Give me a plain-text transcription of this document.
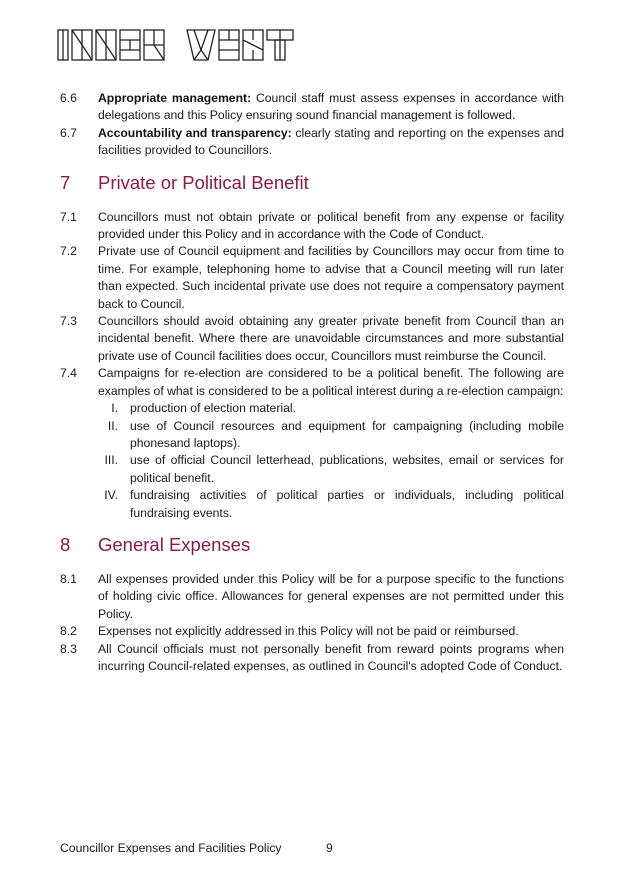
6.6	Appropriate management: Council staff must assess expenses in accordance with delegations and this Policy ensuring sound financial management is followed.
6.7	Accountability and transparency: clearly stating and reporting on the expenses and facilities provided to Councillors.
7	Private or Political Benefit
7.1	Councillors must not obtain private or political benefit from any expense or facility provided under this Policy and in accordance with the Code of Conduct.
7.2	Private use of Council equipment and facilities by Councillors may occur from time to time. For example, telephoning home to advise that a Council meeting will run later than expected. Such incidental private use does not require a compensatory payment back to Council.
7.3	Councillors should avoid obtaining any greater private benefit from Council than an incidental benefit. Where there are unavoidable circumstances and more substantial private use of Council facilities does occur, Councillors must reimburse the Council.
7.4	Campaigns for re-election are considered to be a political benefit. The following are examples of what is considered to be a political interest during a re-election campaign:
I. production of election material.
II. use of Council resources and equipment for campaigning (including mobile phonesand laptops).
III. use of official Council letterhead, publications, websites, email or services for political benefit.
IV. fundraising activities of political parties or individuals, including political fundraising events.
8	General Expenses
8.1	All expenses provided under this Policy will be for a purpose specific to the functions of holding civic office. Allowances for general expenses are not permitted under this Policy.
8.2	Expenses not explicitly addressed in this Policy will not be paid or reimbursed.
8.3	All Council officials must not personally benefit from reward points programs when incurring Council-related expenses, as outlined in Council's adopted Code of Conduct.
Councillor Expenses and Facilities Policy	9
